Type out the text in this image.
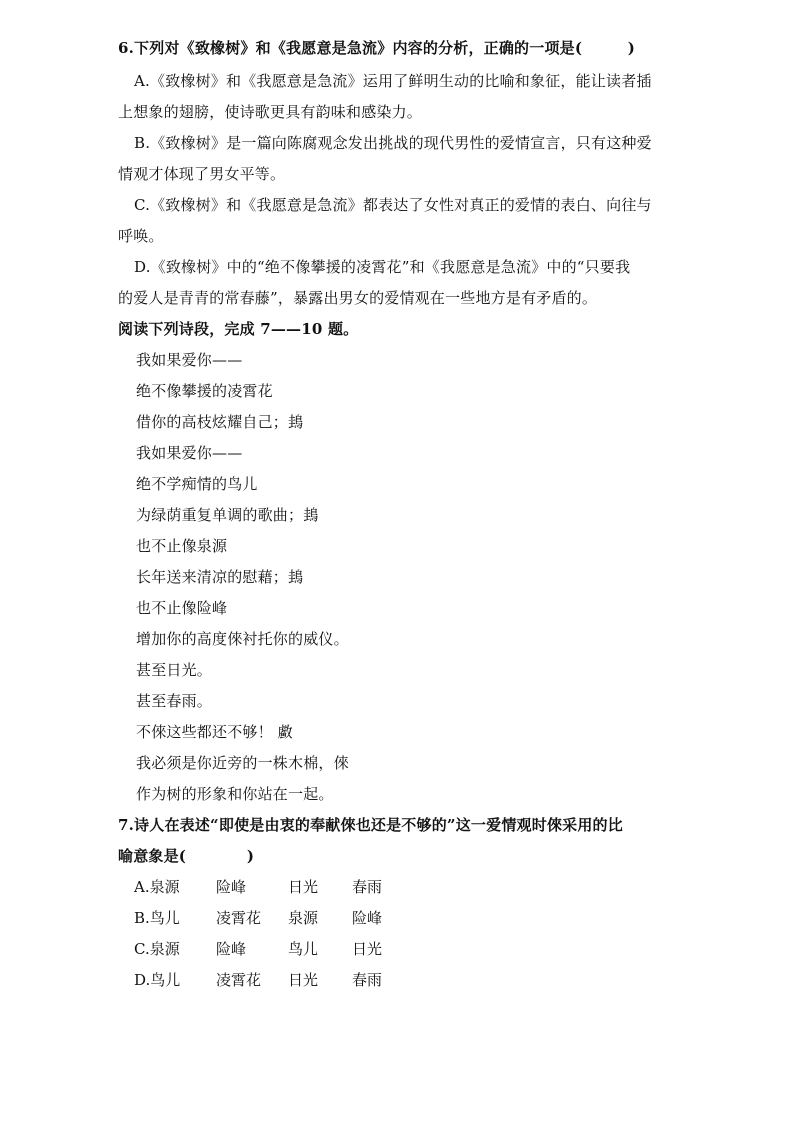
6.下列对《致橡树》和《我愿意是急流》内容的分析，正确的一项是(　　　)
A.《致橡树》和《我愿意是急流》运用了鲜明生动的比喻和象征，能让读者插
上想象的翅膀，使诗歌更具有韵味和感染力。
B.《致橡树》是一篇向陈腐观念发出挑战的现代男性的爱情宣言，只有这种爱
情观才体现了男女平等。
C.《致橡树》和《我愿意是急流》都表达了女性对真正的爱情的表白、向往与
呼唤。
D.《致橡树》中的“绝不像攀援的凌霄花”和《我愿意是急流》中的“只要我
的爱人是青青的常春藤”，暴露出男女的爱情观在一些地方是有矛盾的。
阅读下列诗段，完成 7——10 题。
我如果爱你——
绝不像攀援的凌霄花
借你的高枝炫耀自己；䳏
我如果爱你——
绝不学痴情的鸟儿
为绿荫重复单调的歌曲；䳏
也不止像泉源
长年送来清凉的慰藉；䳏
也不止像险峰
增加你的高度倈衬托你的威仪。
甚至日光。
甚至春雨。
不倈这些都还不够！ 䲣
我必须是你近旁的一株木棉，倈
作为树的形象和你站在一起。
7.诗人在表述“即使是由衷的奉献倈也还是不够的”这一爱情观时倈采用的比
喻意象是(　　　　)
A.泉源 险峰	日光 春雨
B.鸟儿 凌霄花 泉源 险峰
C.泉源 险峰	鸟儿 日光
D.鸟儿 凌霄花 日光 春雨
